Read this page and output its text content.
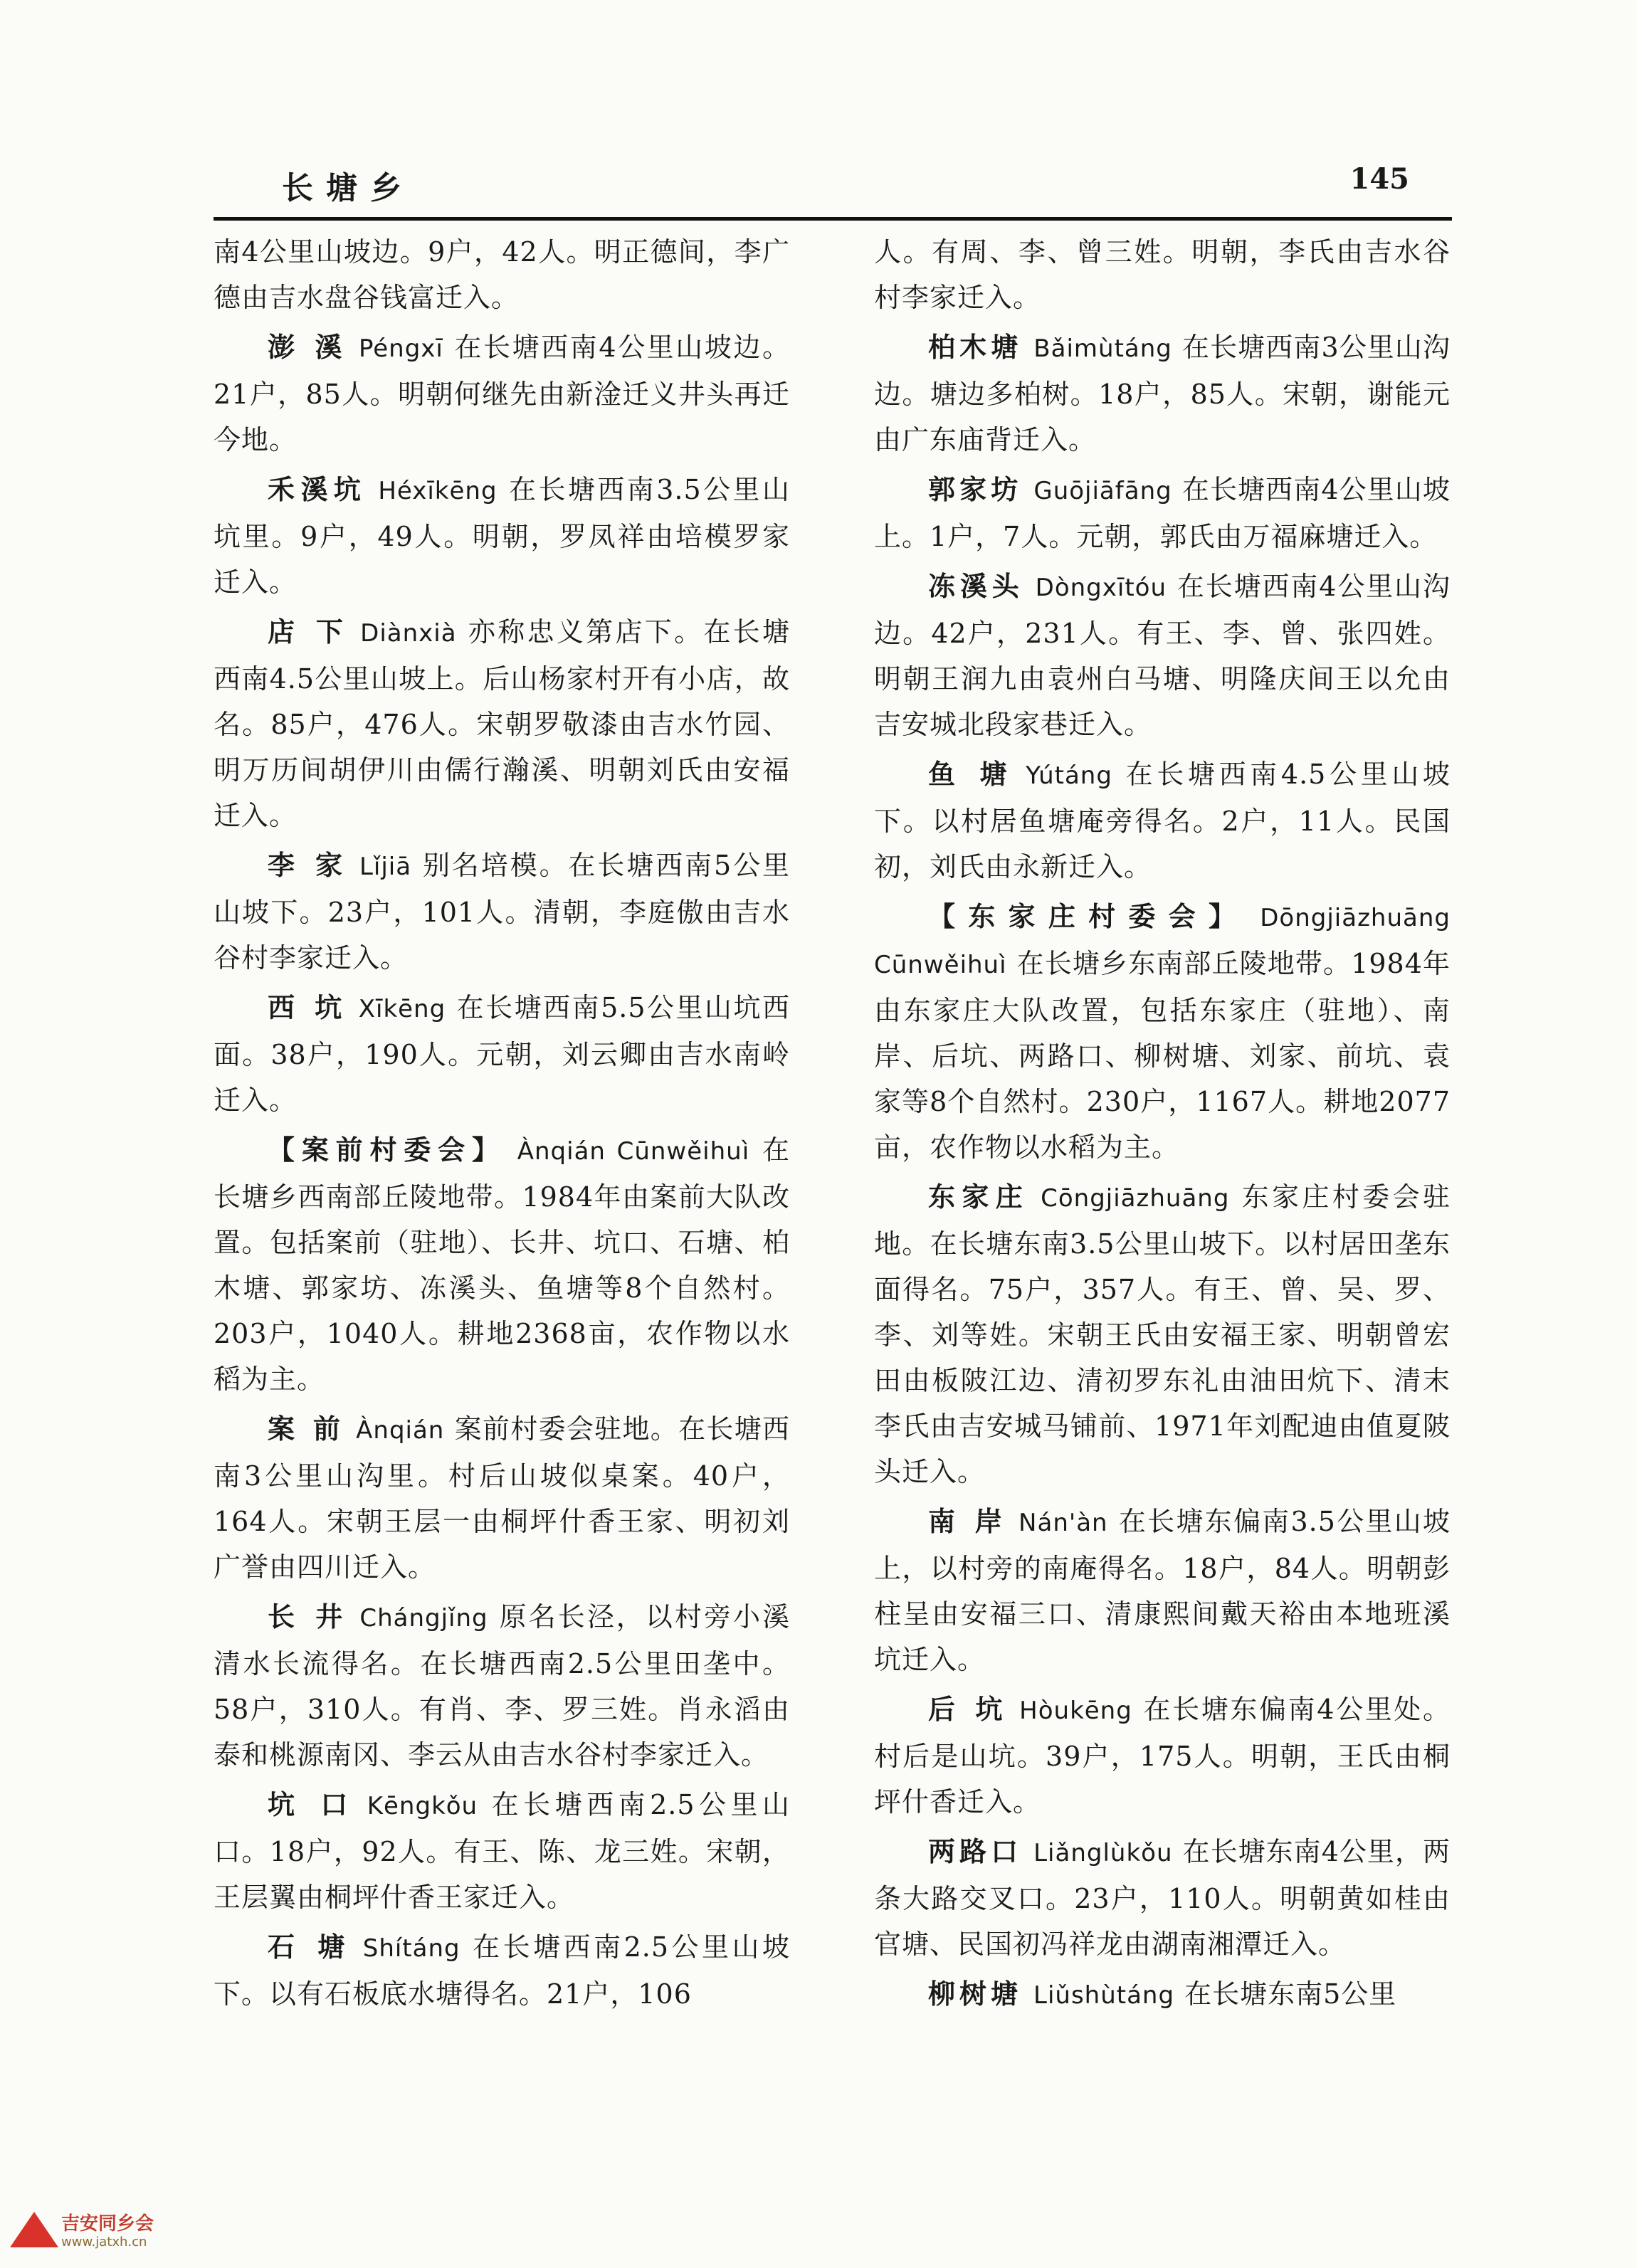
长塘乡	145

南4公里山坡边。9户，42人。明正德间，李广德由吉水盘谷钱富迁入。

澎 溪 Péngxī 在长塘西南4公里山坡边。21户，85人。明朝何继先由新淦迁义井头再迁今地。

禾溪坑 Héxīkēng 在长塘西南3.5公里山坑里。9户，49人。明朝，罗凤祥由培模罗家迁入。

店 下 Diànxià 亦称忠义第店下。在长塘西南4.5公里山坡上。后山杨家村开有小店，故名。85户，476人。宋朝罗敬漆由吉水竹园、明万历间胡伊川由儒行瀚溪、明朝刘氏由安福迁入。

李 家 Lǐjiā 别名培模。在长塘西南5公里山坡下。23户，101人。清朝，李庭傲由吉水谷村李家迁入。

西 坑 Xīkēng 在长塘西南5.5公里山坑西面。38户，190人。元朝，刘云卿由吉水南岭迁入。

【案前村委会】 Ànqián Cūnwěihuì 在长塘乡西南部丘陵地带。1984年由案前大队改置。包括案前（驻地）、长井、坑口、石塘、柏木塘、郭家坊、冻溪头、鱼塘等8个自然村。203户，1040人。耕地2368亩，农作物以水稻为主。

案 前 Ànqián 案前村委会驻地。在长塘西南3公里山沟里。村后山坡似桌案。40户，164人。宋朝王层一由桐坪什香王家、明初刘广誉由四川迁入。

长 井 Chángjǐng 原名长泾，以村旁小溪清水长流得名。在长塘西南2.5公里田垄中。58户，310人。有肖、李、罗三姓。肖永滔由泰和桃源南冈、李云从由吉水谷村李家迁入。

坑 口 Kēngkǒu 在长塘西南2.5公里山口。18户，92人。有王、陈、龙三姓。宋朝，王层翼由桐坪什香王家迁入。

石 塘 Shítáng 在长塘西南2.5公里山坡下。以有石板底水塘得名。21户，106

人。有周、李、曾三姓。明朝，李氏由吉水谷村李家迁入。

柏木塘 Bǎimùtáng 在长塘西南3公里山沟边。塘边多柏树。18户，85人。宋朝，谢能元由广东庙背迁入。

郭家坊 Guōjiāfāng 在长塘西南4公里山坡上。1户，7人。元朝，郭氏由万福麻塘迁入。

冻溪头 Dòngxītóu 在长塘西南4公里山沟边。42户，231人。有王、李、曾、张四姓。明朝王润九由袁州白马塘、明隆庆间王以允由吉安城北段家巷迁入。

鱼 塘 Yútáng 在长塘西南4.5公里山坡下。以村居鱼塘庵旁得名。2户，11人。民国初，刘氏由永新迁入。

【东家庄村委会】 Dōngjiāzhuāng Cūnwěihuì 在长塘乡东南部丘陵地带。1984年由东家庄大队改置，包括东家庄（驻地）、南岸、后坑、两路口、柳树塘、刘家、前坑、袁家等8个自然村。230户，1167人。耕地2077亩，农作物以水稻为主。

东家庄 Cōngjiāzhuāng 东家庄村委会驻地。在长塘东南3.5公里山坡下。以村居田垄东面得名。75户，357人。有王、曾、吴、罗、李、刘等姓。宋朝王氏由安福王家、明朝曾宏田由板陂江边、清初罗东礼由油田炕下、清末李氏由吉安城马铺前、1971年刘配迪由值夏陂头迁入。

南 岸 Nán'àn 在长塘东偏南3.5公里山坡上，以村旁的南庵得名。18户，84人。明朝彭柱呈由安福三口、清康熙间戴天裕由本地班溪坑迁入。

后 坑 Hòukēng 在长塘东偏南4公里处。村后是山坑。39户，175人。明朝，王氏由桐坪什香迁入。

两路口 Liǎnglùkǒu 在长塘东南4公里，两条大路交叉口。23户，110人。明朝黄如桂由官塘、民国初冯祥龙由湖南湘潭迁入。

柳树塘 Liǔshùtáng 在长塘东南5公里

吉安同乡会
www.jatxh.cn
